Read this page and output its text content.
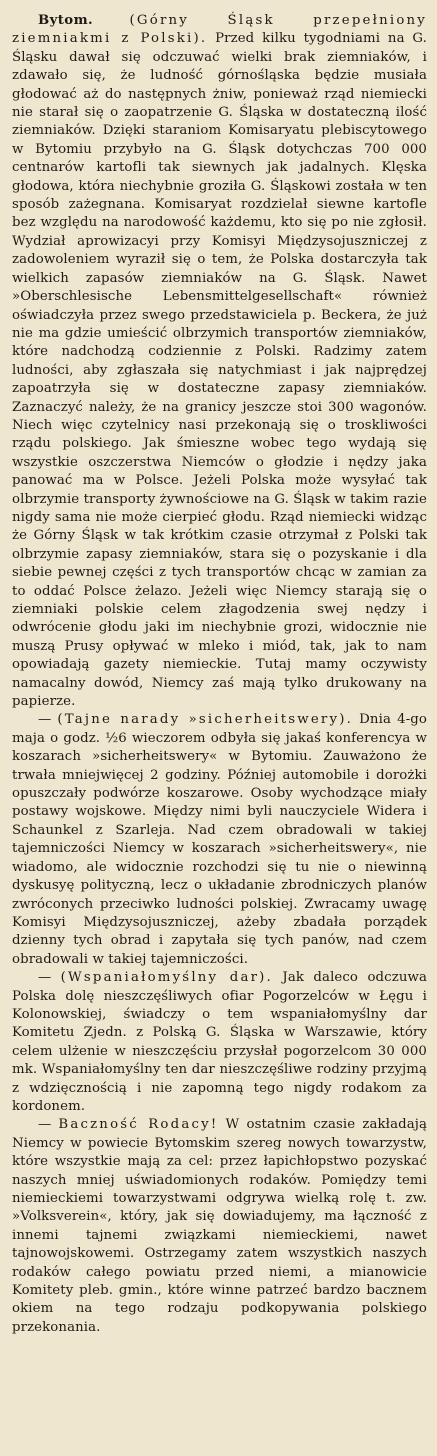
Bytom.	(Górny Śląsk przepełniony ziemniakmi z Polski). Przed kilku tygodniami na G. Śląsku dawał się odczuwać wielki brak ziemniaków, i zdawało się, że ludność górnośląska będzie musiała głodować aż do następnych żniw, ponieważ rząd niemiecki nie starał się o zaopatrzenie G. Śląska w dostateczną ilość ziemniaków. Dzięki staraniom Komisaryatu plebiscytowego w Bytomiu przybyło na G. Śląsk dotychczas 700 000 centnarów kartofli tak siewnych jak jadalnych. Klęska głodowa, która niechybnie groziła G. Śląskowi została w ten sposób zażegnana. Komisaryat rozdzielał siewne kartofle bez względu na narodowość każdemu, kto się po nie zgłosił. Wydział aprowizacyi przy Komisyi Międzysojuszniczej z zadowoleniem wyraził się o tem, że Polska dostarczyła tak wielkich zapasów ziemniaków na G. Śląsk. Nawet »Oberschlesische Lebensmittelgesellschaft« również oświadczyła przez swego przedstawiciela p. Beckera, że już nie ma gdzie umieścić olbrzymich transportów ziemniaków, które nadchodzą codziennie z Polski. Radzimy zatem ludności, aby zgłaszała się natychmiast i jak najprędzej zapoatrzyła się w dostateczne zapasy ziemniaków. Zaznaczyć należy, że na granicy jeszcze stoi 300 wagonów. Niech więc czytelnicy nasi przekonają się o troskliwości rządu polskiego. Jak śmieszne wobec tego wydają się wszystkie oszczerstwa Niemców o głodzie i nędzy jaka panować ma w Polsce. Jeżeli Polska może wysyłać tak olbrzymie transporty żywnościowe na G. Śląsk w takim razie nigdy sama nie może cierpieć głodu. Rząd niemiecki widząc że Górny Śląsk w tak krótkim czasie otrzymał z Polski tak olbrzymie zapasy ziemniaków, stara się o pozyskanie i dla siebie pewnej części z tych transportów chcąc w zamian za to oddać Polsce żelazo. Jeżeli więc Niemcy starają się o ziemniaki polskie celem złagodzenia swej nędzy i odwrócenie głodu jaki im niechybnie grozi, widocznie nie muszą Prusy opływać w mleko i miód, tak, jak to nam opowiadają gazety niemieckie. Tutaj mamy oczywisty namacalny dowód, Niemcy zaś mają tylko drukowany na papierze.

— (Tajne narady »sicherheitswery). Dnia 4-go maja o godz. ½6 wieczorem odbyła się jakaś konferencya w koszarach »sicherheitswery« w Bytomiu. Zauważono że trwała mniejwięcej 2 godziny. Później automobile i dorożki opuszczały podwórze koszarowe. Osoby wychodzące miały postawy wojskowe. Między nimi byli nauczyciele Widera i Schaunkel z Szarleja. Nad czem obradowali w takiej tajemniczości Niemcy w koszarach »sicherheitswery«, nie wiadomo, ale widocznie rozchodzi się tu nie o niewinną dyskusyę polityczną, lecz o układanie zbrodniczych planów zwróconych przeciwko ludności polskiej. Zwracamy uwagę Komisyi Międzysojuszniczej, ażeby zbadała porządek dzienny tych obrad i zapytała się tych panów, nad czem obradowali w takiej tajemniczości.

— (Wspaniałomyślny dar). Jak daleco odczuwa Polska dolę nieszczęśliwych ofiar Pogorzelców w Łęgu i Kolonowskiej, świadczy o tem wspaniałomyślny dar Komitetu Zjedn. z Polską G. Śląska w Warszawie, który celem ulżenie w nieszczęściu przysłał pogorzelcom 30 000 mk. Wspaniałomyślny ten dar nieszczęśliwe rodziny przyjmą z wdzięcznością i nie zapomną tego nigdy rodakom za kordonem.

— Baczność Rodacy! W ostatnim czasie zakładają Niemcy w powiecie Bytomskim szereg nowych towarzystw, które wszystkie mają za cel: przez łapichłopstwo pozyskać naszych mniej uświadomionych rodaków. Pomiędzy temi niemieckiemi towarzystwami odgrywa wielką rolę t. zw. »Volksverein«, który, jak się dowiadujemy, ma łączność z innemi tajnemi związkami niemieckiemi, nawet tajnowojskowemi. Ostrzegamy zatem wszystkich naszych rodaków całego powiatu przed niemi, a mianowicie Komitety pleb. gmin., które winne patrzeć bardzo bacznem okiem na tego rodzaju podkopywania polskiego przekonania.
